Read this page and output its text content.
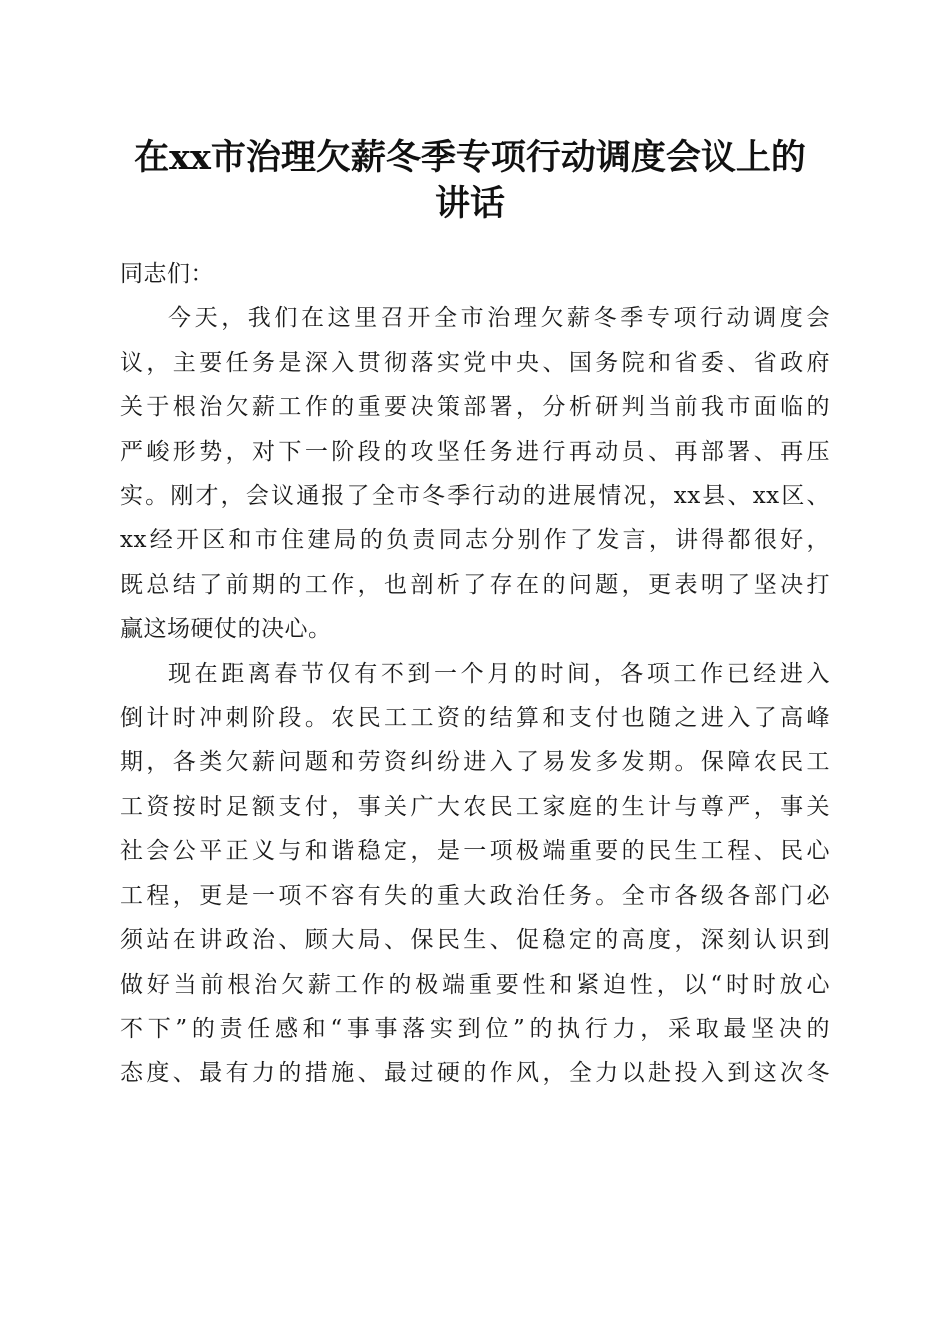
在xx市治理欠薪冬季专项行动调度会议上的
讲话

同志们：

今天，我们在这里召开全市治理欠薪冬季专项行动调度会
议，主要任务是深入贯彻落实党中央、国务院和省委、省政府
关于根治欠薪工作的重要决策部署，分析研判当前我市面临的
严峻形势，对下一阶段的攻坚任务进行再动员、再部署、再压
实。刚才，会议通报了全市冬季行动的进展情况，xx县、xx区、
xx经开区和市住建局的负责同志分别作了发言，讲得都很好，
既总结了前期的工作，也剖析了存在的问题，更表明了坚决打
赢这场硬仗的决心。

现在距离春节仅有不到一个月的时间，各项工作已经进入
倒计时冲刺阶段。农民工工资的结算和支付也随之进入了高峰
期，各类欠薪问题和劳资纠纷进入了易发多发期。保障农民工
工资按时足额支付，事关广大农民工家庭的生计与尊严，事关
社会公平正义与和谐稳定，是一项极端重要的民生工程、民心
工程，更是一项不容有失的重大政治任务。全市各级各部门必
须站在讲政治、顾大局、保民生、促稳定的高度，深刻认识到
做好当前根治欠薪工作的极端重要性和紧迫性，以“时时放心
不下”的责任感和“事事落实到位”的执行力，采取最坚决的
态度、最有力的措施、最过硬的作风，全力以赴投入到这次冬
